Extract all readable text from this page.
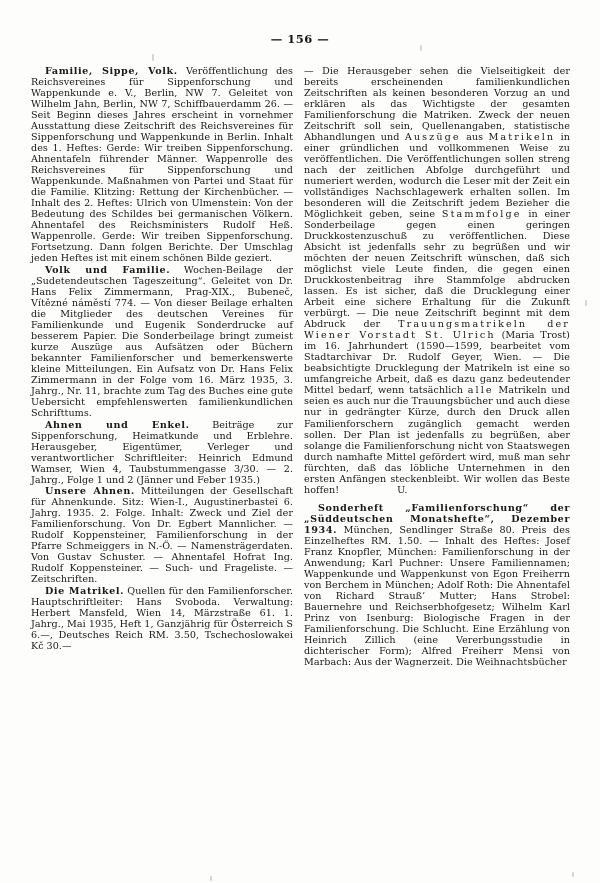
— 156 —

Familie, Sippe, Volk. Veröffentlichung des Reichsvereines für Sippenforschung und Wappenkunde e. V., Berlin, NW 7. Geleitet von Wilhelm Jahn, Berlin, NW 7, Schiffbauerdamm 26. — Seit Beginn dieses Jahres erscheint in vornehmer Ausstattung diese Zeitschrift des Reichsvereines für Sippenforschung und Wappenkunde in Berlin. Inhalt des 1. Heftes: Gerde: Wir treiben Sippenforschung. Ahnentafeln führender Männer. Wappenrolle des Reichsvereines für Sippenforschung und Wappenkunde. Maßnahmen von Partei und Staat für die Familie. Klitzing: Rettung der Kirchenbücher. — Inhalt des 2. Heftes: Ulrich von Ulmenstein: Von der Bedeutung des Schildes bei germanischen Völkern. Ahnentafel des Reichsministers Rudolf Heß. Wappenrolle. Gerde: Wir treiben Sippenforschung. Fortsetzung. Dann folgen Berichte. Der Umschlag jeden Heftes ist mit einem schönen Bilde geziert.

Volk und Familie. Wochen-Beilage der „Sudetendeutschen Tageszeitung“. Geleitet von Dr. Hans Felix Zimmermann, Prag-XIX., Bubeneč, Vítězné náměstí 774. — Von dieser Beilage erhalten die Mitglieder des deutschen Vereines für Familienkunde und Eugenik Sonderdrucke auf besserem Papier. Die Sonderbeilage bringt zumeist kurze Auszüge aus Aufsätzen oder Büchern bekannter Familienforscher und bemerkenswerte kleine Mitteilungen. Ein Aufsatz von Dr. Hans Felix Zimmermann in der Folge vom 16. März 1935, 3. Jahrg., Nr. 11, brachte zum Tag des Buches eine gute Uebersicht empfehlenswerten familienkundlichen Schrifttums.

Ahnen und Enkel. Beiträge zur Sippenforschung, Heimatkunde und Erblehre. Herausgeber, Eigentümer, Verleger und verantwortlicher Schriftleiter: Heinrich Edmund Wamser, Wien 4, Taubstummengasse 3/30. — 2. Jahrg., Folge 1 und 2 (Jänner und Feber 1935.)

Unsere Ahnen. Mitteilungen der Gesellschaft für Ahnenkunde. Sitz: Wien-I., Augustinerbastei 6. Jahrg. 1935. 2. Folge. Inhalt: Zweck und Ziel der Familienforschung. Von Dr. Egbert Mannlicher. — Rudolf Koppensteiner, Familienforschung in der Pfarre Schmeiggers in N.-Ö. — Namensträgerdaten. Von Gustav Schuster. — Ahnentafel Hofrat Ing. Rudolf Koppensteiner. — Such- und Frageliste. — Zeitschriften.

Die Matrikel. Quellen für den Familienforscher. Hauptschriftleiter: Hans Svoboda. Verwaltung: Herbert Mansfeld, Wien 14, Märzstraße 61. 1. Jahrg., Mai 1935, Heft 1, Ganzjährig für Österreich S 6.—, Deutsches Reich RM. 3.50, Tschechoslowakei Kč 30.—

— Die Herausgeber sehen die Vielseitigkeit der bereits erscheinenden familienkundlichen Zeitschriften als keinen besonderen Vorzug an und erklären als das Wichtigste der gesamten Familienforschung die Matriken. Zweck der neuen Zeitschrift soll sein, Quellenangaben, statistische Abhandlungen und Auszüge aus Matrikeln in einer gründlichen und vollkommenen Weise zu veröffentlichen. Die Veröffentlichungen sollen streng nach der zeitlichen Abfolge durchgeführt und numeriert werden, wodurch die Leser mit der Zeit ein vollständiges Nachschlagewerk erhalten sollen. Im besonderen will die Zeitschrift jedem Bezieher die Möglichkeit geben, seine Stammfolge in einer Sonderbeilage gegen einen geringen Druckkostenzuschuß zu veröffentlichen. Diese Absicht ist jedenfalls sehr zu begrüßen und wir möchten der neuen Zeitschrift wünschen, daß sich möglichst viele Leute finden, die gegen einen Druckkostenbeitrag ihre Stammfolge abdrucken lassen. Es ist sicher, daß die Drucklegung einer Arbeit eine sichere Erhaltung für die Zukunft verbürgt. — Die neue Zeitschrift beginnt mit dem Abdruck der Trauungsmatrikeln der Wiener Vorstadt St. Ulrich (Maria Trost) im 16. Jahrhundert (1590—1599, bearbeitet vom Stadtarchivar Dr. Rudolf Geyer, Wien. — Die beabsichtigte Drucklegung der Matrikeln ist eine so umfangreiche Arbeit, daß es dazu ganz bedeutender Mittel bedarf, wenn tatsächlich alle Matrikeln und seien es auch nur die Trauungsbücher und auch diese nur in gedrängter Kürze, durch den Druck allen Familienforschern zugänglich gemacht werden sollen. Der Plan ist jedenfalls zu begrüßen, aber solange die Familienforschung nicht von Staatswegen durch namhafte Mittel gefördert wird, muß man sehr fürchten, daß das löbliche Unternehmen in den ersten Anfängen steckenbleibt. Wir wollen das Beste hoffen!	U.

Sonderheft „Familienforschung“ der „Süddeutschen Monatshefte“, Dezember 1934. München, Sendlinger Straße 80. Preis des Einzelheftes RM. 1.50. — Inhalt des Heftes: Josef Franz Knopfler, München: Familienforschung in der Anwendung; Karl Puchner: Unsere Familiennamen; Wappenkunde und Wappenkunst von Egon Freiherrn von Berchem in München; Adolf Roth: Die Ahnentafel von Richard Strauß’ Mutter; Hans Strobel: Bauernehre und Reichserbhofgesetz; Wilhelm Karl Prinz von Isenburg: Biologische Fragen in der Familienforschung. Die Schlucht. Eine Erzählung von Heinrich Zillich (eine Vererbungsstudie in dichterischer Form); Alfred Freiherr Mensi von Marbach: Aus der Wagnerzeit. Die Weihnachtsbücher
